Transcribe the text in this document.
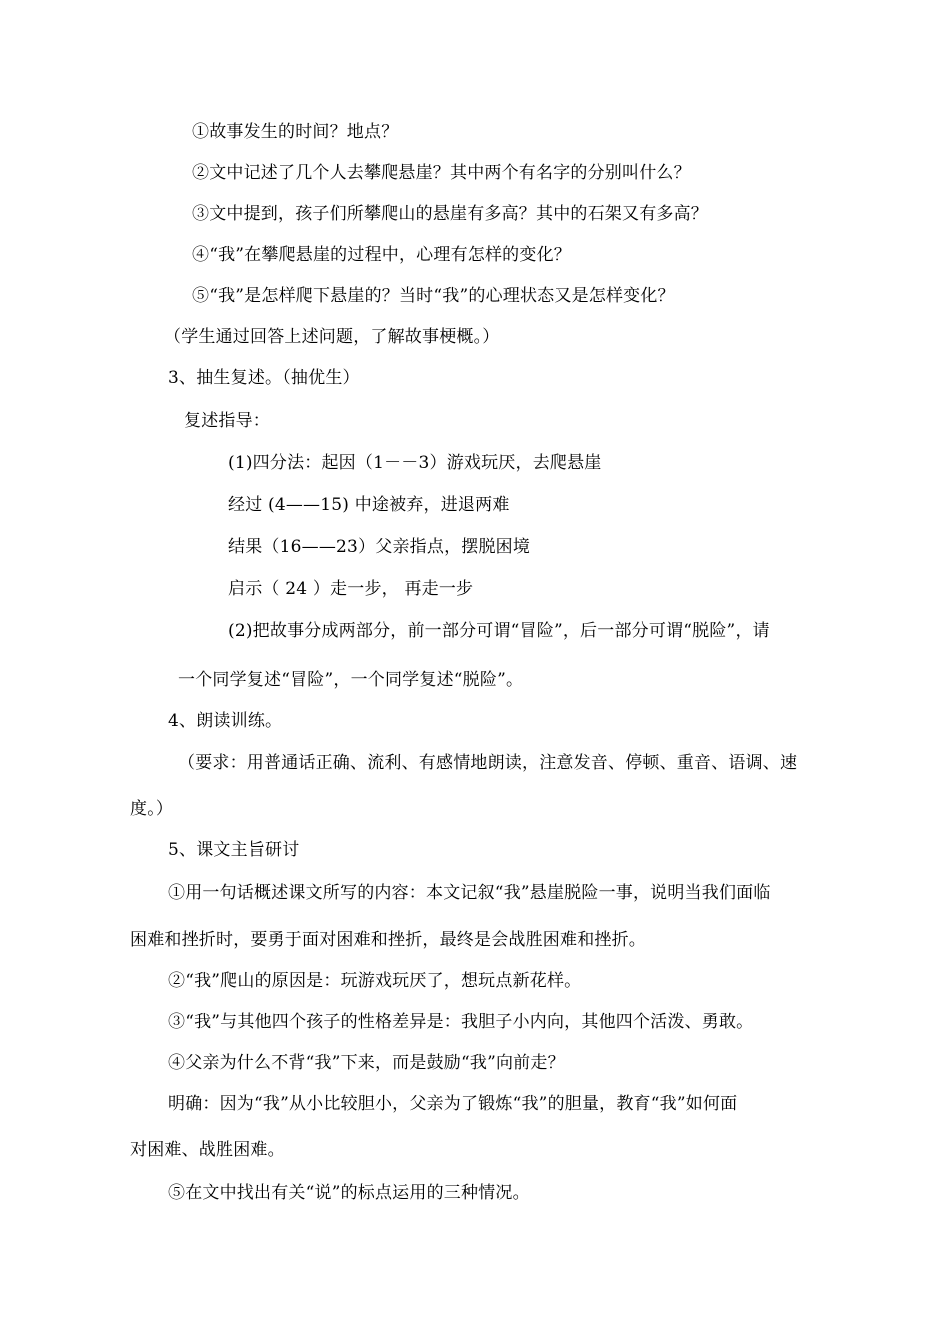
①故事发生的时间？地点？
②文中记述了几个人去攀爬悬崖？其中两个有名字的分别叫什么？
③文中提到，孩子们所攀爬山的悬崖有多高？其中的石架又有多高？
④“我”在攀爬悬崖的过程中，心理有怎样的变化？
⑤“我”是怎样爬下悬崖的？当时“我”的心理状态又是怎样变化？
（学生通过回答上述问题，了解故事梗概。）
3、抽生复述。（抽优生）
复述指导：
(1)四分法：起因（1－－3）游戏玩厌，去爬悬崖
经过 (4——15) 中途被弃，进退两难
结果（16——23）父亲指点，摆脱困境
启示（ 24 ）走一步， 再走一步
(2)把故事分成两部分，前一部分可谓“冒险”，后一部分可谓“脱险”，请
一个同学复述“冒险”，一个同学复述“脱险”。
4、朗读训练。
（要求：用普通话正确、流利、有感情地朗读，注意发音、停顿、重音、语调、速
度。）
5、课文主旨研讨
①用一句话概述课文所写的内容：本文记叙“我”悬崖脱险一事，说明当我们面临
困难和挫折时，要勇于面对困难和挫折，最终是会战胜困难和挫折。
②“我”爬山的原因是：玩游戏玩厌了，想玩点新花样。
③“我”与其他四个孩子的性格差异是：我胆子小内向，其他四个活泼、勇敢。
④父亲为什么不背“我”下来，而是鼓励“我”向前走？
明确：因为“我”从小比较胆小，父亲为了锻炼“我”的胆量，教育“我”如何面
对困难、战胜困难。
⑤在文中找出有关“说”的标点运用的三种情况。
